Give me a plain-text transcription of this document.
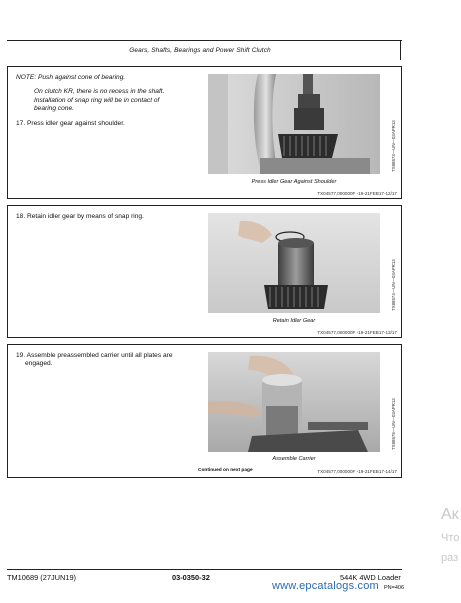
Gears, Shafts, Bearings and Power Shift Clutch
NOTE: Push against cone of bearing.
On clutch KR, there is no recess in the shaft. Installation of snap ring will be in contact of bearing cone.
17. Press idler gear against shoulder.
Press Idler Gear Against Shoulder
TX04577,000000F -19-21FEB17-12/17
TX88573—UN—03APR13
18. Retain idler gear by means of snap ring.
Retain Idler Gear
TX04577,000000F -19-21FEB17-13/17
TX88574—UN—03APR13
19. Assemble preassembled carrier until all plates are
engaged.
Assemble Carrier
Continued on next page	TX04577,000000F -19-21FEB17-14/17
TX88575—UN—03APR13
Ак
Что
раз
TM10689 (27JUN19)	03-0350-32	544K 4WD Loader
PN=406
www.epcatalogs.com
